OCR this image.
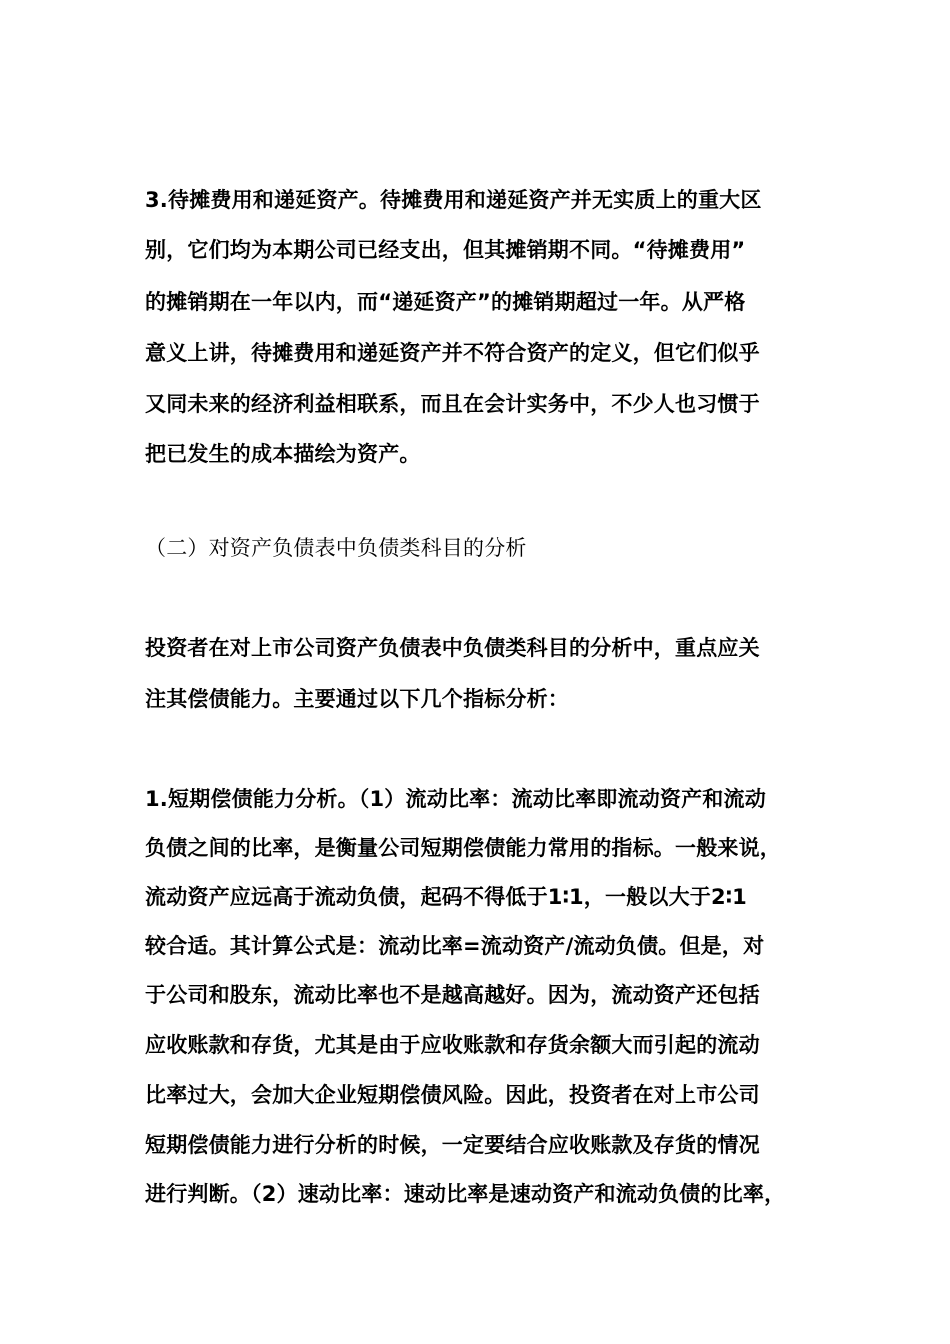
3.待摊费用和递延资产。待摊费用和递延资产并无实质上的重大区
别，它们均为本期公司已经支出，但其摊销期不同。“待摊费用”
的摊销期在一年以内，而“递延资产”的摊销期超过一年。从严格
意义上讲，待摊费用和递延资产并不符合资产的定义，但它们似乎
又同未来的经济利益相联系，而且在会计实务中，不少人也习惯于
把已发生的成本描绘为资产。
（二）对资产负债表中负债类科目的分析
投资者在对上市公司资产负债表中负债类科目的分析中，重点应关
注其偿债能力。主要通过以下几个指标分析：
1.短期偿债能力分析。（1）流动比率：流动比率即流动资产和流动
负债之间的比率，是衡量公司短期偿债能力常用的指标。一般来说，
流动资产应远高于流动负债，起码不得低于1∶1，一般以大于2∶1
较合适。其计算公式是：流动比率=流动资产/流动负债。但是，对
于公司和股东，流动比率也不是越高越好。因为，流动资产还包括
应收账款和存货，尤其是由于应收账款和存货余额大而引起的流动
比率过大，会加大企业短期偿债风险。因此，投资者在对上市公司
短期偿债能力进行分析的时候，一定要结合应收账款及存货的情况
进行判断。（2）速动比率：速动比率是速动资产和流动负债的比率，
